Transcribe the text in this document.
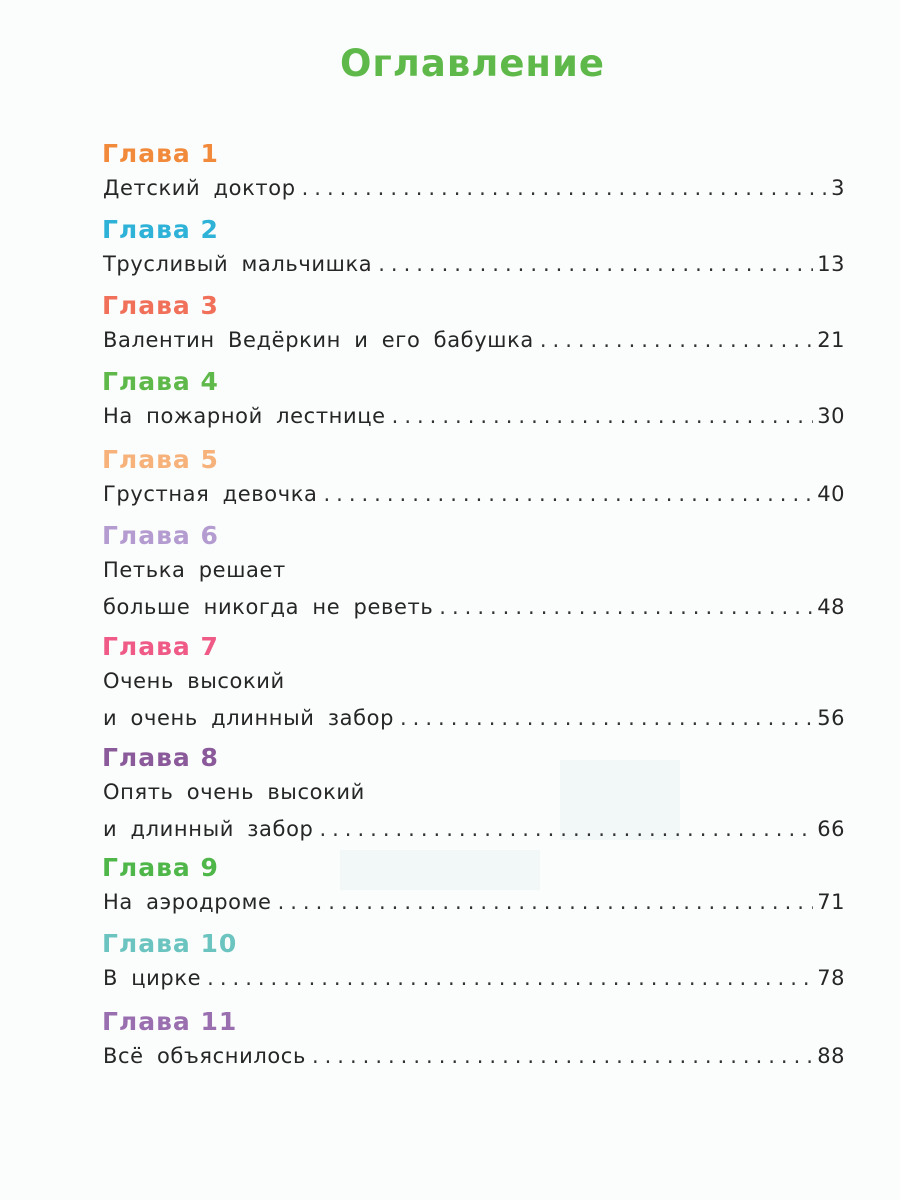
Оглавление
Глава 1
Детский доктор .....	3
Глава 2
Трусливый мальчишка .....	13
Глава 3
Валентин Ведёркин и его бабушка .....	21
Глава 4
На пожарной лестнице .....	30
Глава 5
Грустная девочка .....	40
Глава 6
Петька решает
больше никогда не реветь .....	48
Глава 7
Очень высокий
и очень длинный забор .....	56
Глава 8
Опять очень высокий
и длинный забор .....	66
Глава 9
На аэродроме .....	71
Глава 10
В цирке .....	78
Глава 11
Всё объяснилось .....	88
